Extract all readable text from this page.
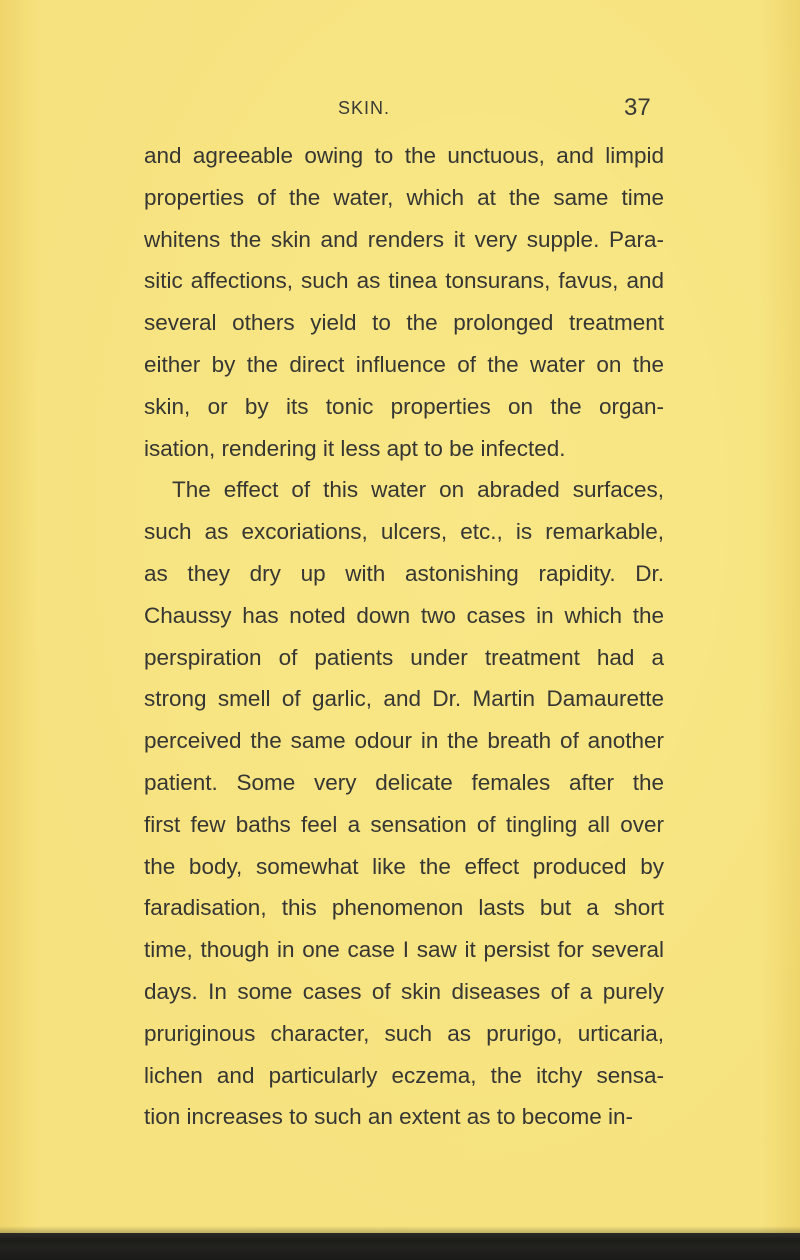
SKIN.	37
and agreeable owing to the unctuous, and limpid
properties of the water, which at the same time
whitens the skin and renders it very supple. Para-
sitic affections, such as tinea tonsurans, favus, and
several others yield to the prolonged treatment
either by the direct influence of the water on the
skin, or by its tonic properties on the organ-
isation, rendering it less apt to be infected.
The effect of this water on abraded surfaces,
such as excoriations, ulcers, etc., is remarkable,
as they dry up with astonishing rapidity. Dr.
Chaussy has noted down two cases in which the
perspiration of patients under treatment had a
strong smell of garlic, and Dr. Martin Damaurette
perceived the same odour in the breath of another
patient. Some very delicate females after the
first few baths feel a sensation of tingling all over
the body, somewhat like the effect produced by
faradisation, this phenomenon lasts but a short
time, though in one case I saw it persist for several
days. In some cases of skin diseases of a purely
pruriginous character, such as prurigo, urticaria,
lichen and particularly eczema, the itchy sensa-
tion increases to such an extent as to become in-
